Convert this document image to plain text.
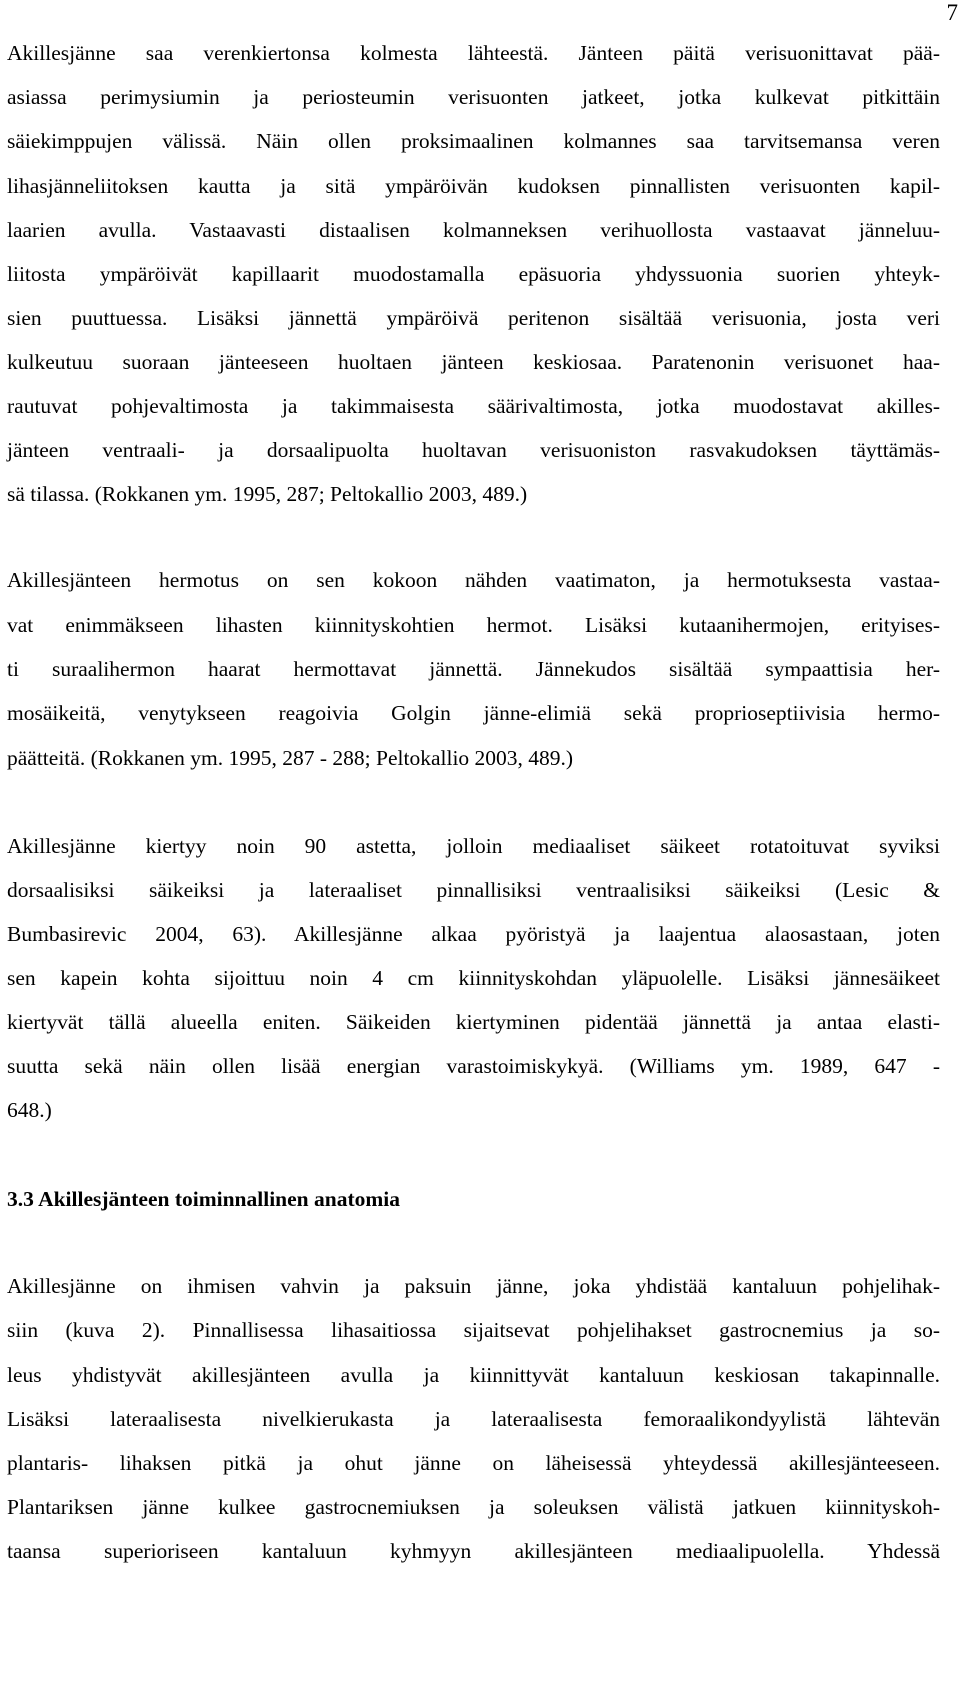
7
Akillesjänne saa verenkiertonsa kolmesta lähteestä. Jänteen päitä verisuonittavat pää-
asiassa perimysiumin ja periosteumin verisuonten jatkeet, jotka kulkevat pitkittäin
säiekimppujen välissä. Näin ollen proksimaalinen kolmannes saa tarvitsemansa veren
lihasjänneliitoksen kautta ja sitä ympäröivän kudoksen pinnallisten verisuonten kapil-
laarien avulla. Vastaavasti distaalisen kolmanneksen verihuollosta vastaavat jänneluu-
liitosta ympäröivät kapillaarit muodostamalla epäsuoria yhdyssuonia suorien yhteyk-
sien puuttuessa. Lisäksi jännettä ympäröivä peritenon sisältää verisuonia, josta veri
kulkeutuu suoraan jänteeseen huoltaen jänteen keskiosaa. Paratenonin verisuonet haa-
rautuvat pohjevaltimosta ja takimmaisesta säärivaltimosta, jotka muodostavat akilles-
jänteen ventraali- ja dorsaalipuolta huoltavan verisuoniston rasvakudoksen täyttämäs-
sä tilassa. (Rokkanen ym. 1995, 287; Peltokallio 2003, 489.)
Akillesjänteen hermotus on sen kokoon nähden vaatimaton, ja hermotuksesta vastaa-
vat enimmäkseen lihasten kiinnityskohtien hermot. Lisäksi kutaanihermojen, erityises-
ti suraalihermon haarat hermottavat jännettä. Jännekudos sisältää sympaattisia her-
mosäikeitä, venytykseen reagoivia Golgin jänne-elimiä sekä proprioseptiivisia hermo-
päätteitä. (Rokkanen ym. 1995, 287 - 288; Peltokallio 2003, 489.)
Akillesjänne kiertyy noin 90 astetta, jolloin mediaaliset säikeet rotatoituvat syviksi
dorsaalisiksi säikeiksi ja lateraaliset pinnallisiksi ventraalisiksi säikeiksi (Lesic &
Bumbasirevic 2004, 63). Akillesjänne alkaa pyöristyä ja laajentua alaosastaan, joten
sen kapein kohta sijoittuu noin 4 cm kiinnityskohdan yläpuolelle. Lisäksi jännesäikeet
kiertyvät tällä alueella eniten. Säikeiden kiertyminen pidentää jännettä ja antaa elasti-
suutta sekä näin ollen lisää energian varastoimiskykyä. (Williams ym. 1989, 647 -
648.)
3.3 Akillesjänteen toiminnallinen anatomia
Akillesjänne on ihmisen vahvin ja paksuin jänne, joka yhdistää kantaluun pohjelihak-
siin (kuva 2). Pinnallisessa lihasaitiossa sijaitsevat pohjelihakset gastrocnemius ja so-
leus yhdistyvät akillesjänteen avulla ja kiinnittyvät kantaluun keskiosan takapinnalle.
Lisäksi lateraalisesta nivelkierukasta ja lateraalisesta femoraalikondyylistä lähtevän
plantaris- lihaksen pitkä ja ohut jänne on läheisessä yhteydessä akillesjänteeseen.
Plantariksen jänne kulkee gastrocnemiuksen ja soleuksen välistä jatkuen kiinnityskoh-
taansa superioriseen kantaluun kyhmyyn akillesjänteen mediaalipuolella. Yhdessä
